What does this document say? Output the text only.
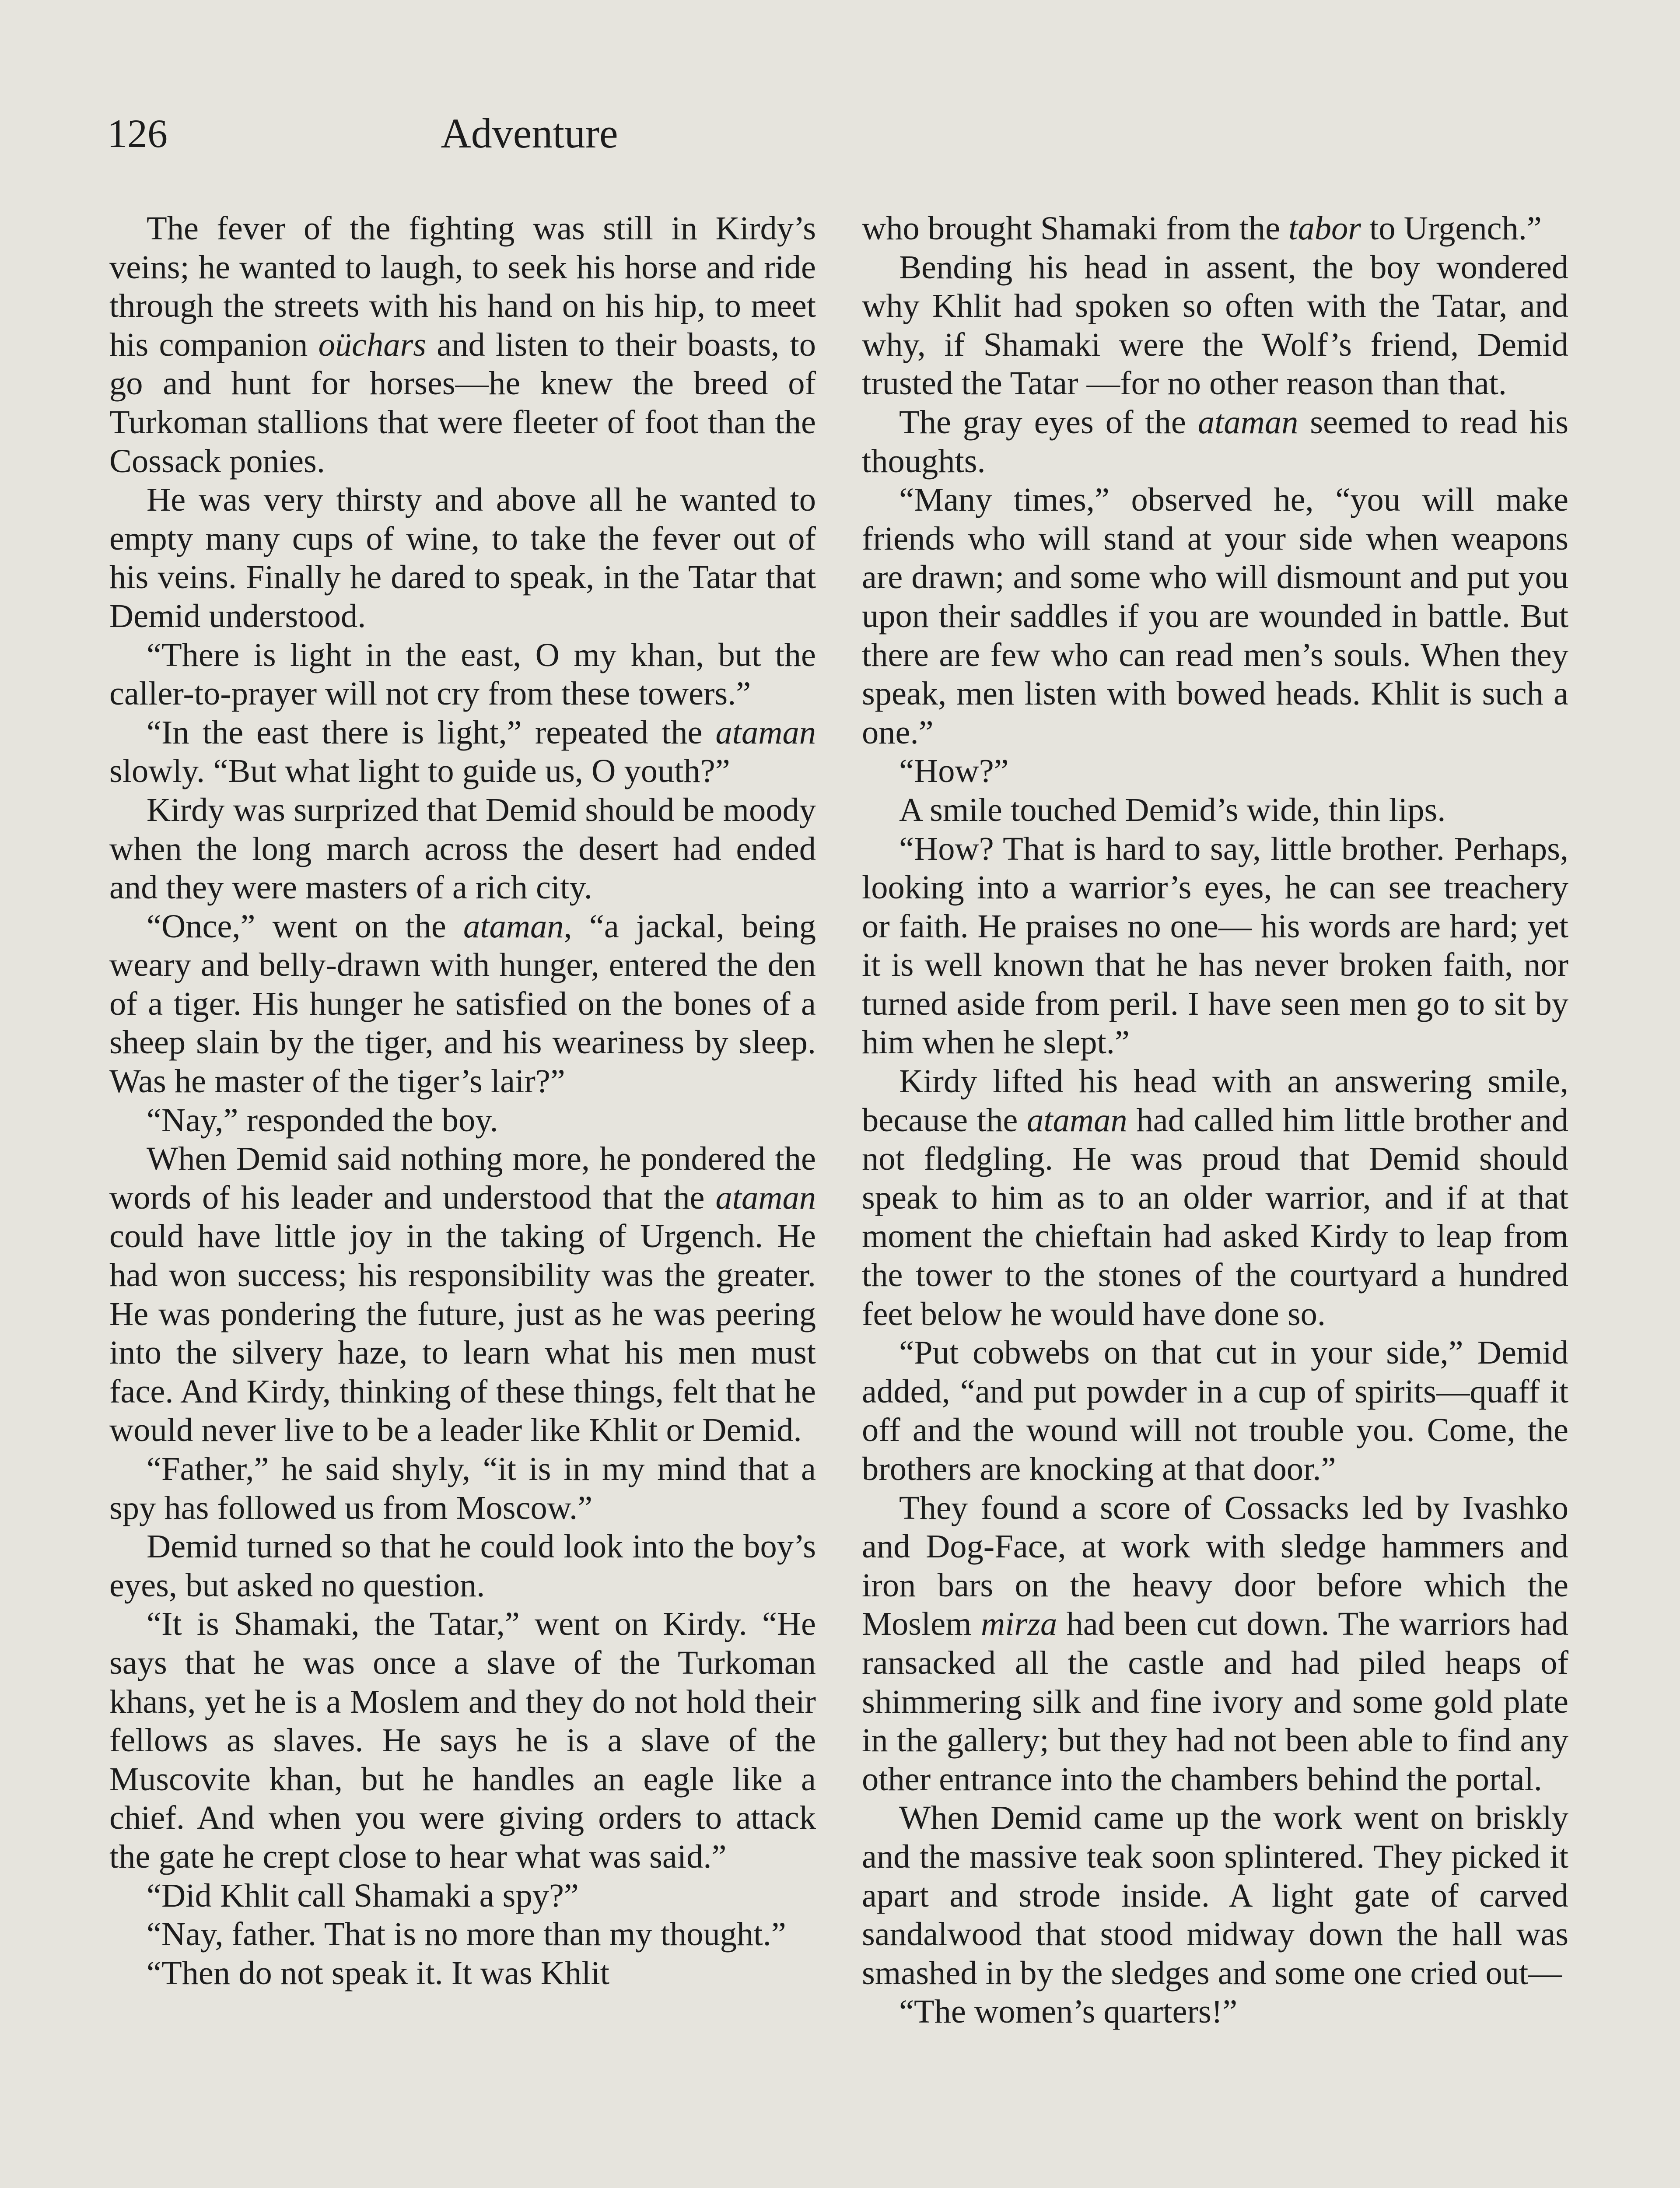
126	Adventure

The fever of the fighting was still in Kirdy’s veins; he wanted to laugh, to seek his horse and ride through the streets with his hand on his hip, to meet his companion oüchars and listen to their boasts, to go and hunt for horses—he knew the breed of Turkoman stallions that were fleeter of foot than the Cossack ponies.

He was very thirsty and above all he wanted to empty many cups of wine, to take the fever out of his veins. Finally he dared to speak, in the Tatar that Demid understood.

“There is light in the east, O my khan, but the caller-to-prayer will not cry from these towers.”

“In the east there is light,” repeated the ataman slowly. “But what light to guide us, O youth?”

Kirdy was surprized that Demid should be moody when the long march across the desert had ended and they were masters of a rich city.

“Once,” went on the ataman, “a jackal, being weary and belly-drawn with hunger, entered the den of a tiger. His hunger he satisfied on the bones of a sheep slain by the tiger, and his weariness by sleep. Was he master of the tiger’s lair?”

“Nay,” responded the boy.

When Demid said nothing more, he pondered the words of his leader and understood that the ataman could have little joy in the taking of Urgench. He had won success; his responsibility was the greater. He was pondering the future, just as he was peering into the silvery haze, to learn what his men must face. And Kirdy, thinking of these things, felt that he would never live to be a leader like Khlit or Demid.

“Father,” he said shyly, “it is in my mind that a spy has followed us from Moscow.”

Demid turned so that he could look into the boy’s eyes, but asked no question.

“It is Shamaki, the Tatar,” went on Kirdy. “He says that he was once a slave of the Turkoman khans, yet he is a Moslem and they do not hold their fellows as slaves. He says he is a slave of the Muscovite khan, but he handles an eagle like a chief. And when you were giving orders to attack the gate he crept close to hear what was said.”

“Did Khlit call Shamaki a spy?”

“Nay, father. That is no more than my thought.”

“Then do not speak it. It was Khlit

who brought Shamaki from the tabor to Urgench.”

Bending his head in assent, the boy wondered why Khlit had spoken so often with the Tatar, and why, if Shamaki were the Wolf’s friend, Demid trusted the Tatar —for no other reason than that.

The gray eyes of the ataman seemed to read his thoughts.

“Many times,” observed he, “you will make friends who will stand at your side when weapons are drawn; and some who will dismount and put you upon their saddles if you are wounded in battle. But there are few who can read men’s souls. When they speak, men listen with bowed heads. Khlit is such a one.”

“How?”

A smile touched Demid’s wide, thin lips.

“How? That is hard to say, little brother. Perhaps, looking into a warrior’s eyes, he can see treachery or faith. He praises no one— his words are hard; yet it is well known that he has never broken faith, nor turned aside from peril. I have seen men go to sit by him when he slept.”

Kirdy lifted his head with an answering smile, because the ataman had called him little brother and not fledgling. He was proud that Demid should speak to him as to an older warrior, and if at that moment the chieftain had asked Kirdy to leap from the tower to the stones of the courtyard a hundred feet below he would have done so.

“Put cobwebs on that cut in your side,” Demid added, “and put powder in a cup of spirits—quaff it off and the wound will not trouble you. Come, the brothers are knocking at that door.”

They found a score of Cossacks led by Ivashko and Dog-Face, at work with sledge hammers and iron bars on the heavy door before which the Moslem mirza had been cut down. The warriors had ransacked all the castle and had piled heaps of shimmering silk and fine ivory and some gold plate in the gallery; but they had not been able to find any other entrance into the chambers behind the portal.

When Demid came up the work went on briskly and the massive teak soon splintered. They picked it apart and strode inside. A light gate of carved sandalwood that stood midway down the hall was smashed in by the sledges and some one cried out—

“The women’s quarters!”
